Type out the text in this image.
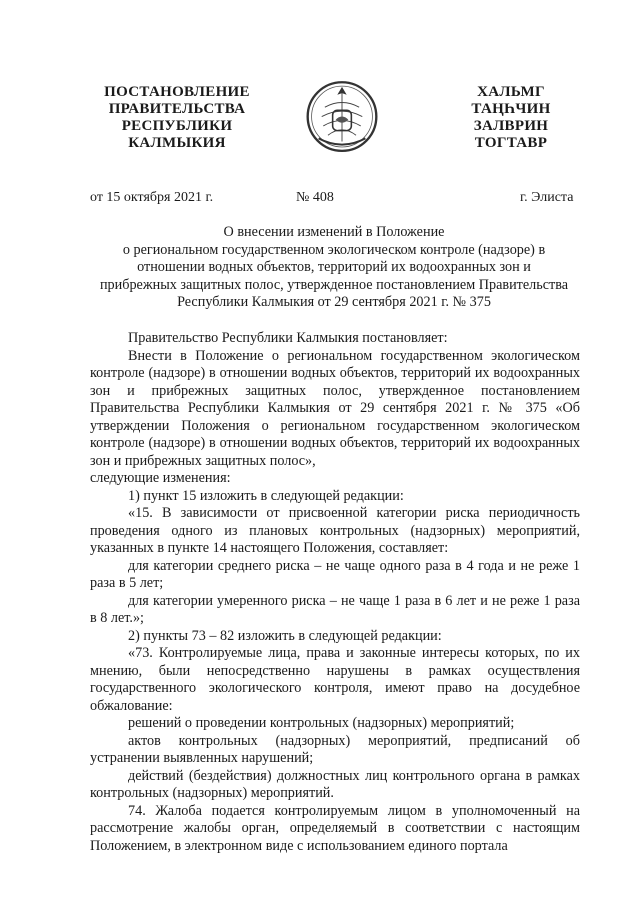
ПОСТАНОВЛЕНИЕ
ПРАВИТЕЛЬСТВА
РЕСПУБЛИКИ
КАЛМЫКИЯ
ХАЛЬМГ
ТАҢҺЧИН
ЗАЛВРИН
ТОГТАВР
от 15 октября 2021 г.	№ 408	г. Элиста
О внесении изменений в Положение
о региональном государственном экологическом контроле (надзоре) в
отношении водных объектов, территорий их водоохранных зон и
прибрежных защитных полос, утвержденное постановлением Правительства
Республики Калмыкия от 29 сентября 2021 г. № 375

Правительство Республики Калмыкия постановляет:

Внести в Положение о региональном государственном экологическом контроле (надзоре) в отношении водных объектов, территорий их водоохранных зон и прибрежных защитных полос, утвержденное постановлением Правительства Республики Калмыкия от 29 сентября 2021 г. № 375 «Об утверждении Положения о региональном государственном экологическом контроле (надзоре) в отношении водных объектов, территорий их водоохранных зон и прибрежных защитных полос»,

следующие изменения:

1) пункт 15 изложить в следующей редакции:

«15. В зависимости от присвоенной категории риска периодичность проведения одного из плановых контрольных (надзорных) мероприятий, указанных в пункте 14 настоящего Положения, составляет:

для категории среднего риска – не чаще одного раза в 4 года и не реже 1 раза в 5 лет;

для категории умеренного риска – не чаще 1 раза в 6 лет и не реже 1 раза в 8 лет.»;

2) пункты 73 – 82 изложить в следующей редакции:

«73. Контролируемые лица, права и законные интересы которых, по их мнению, были непосредственно нарушены в рамках осуществления государственного экологического контроля, имеют право на досудебное обжалование:

решений о проведении контрольных (надзорных) мероприятий;

актов контрольных (надзорных) мероприятий, предписаний об устранении выявленных нарушений;

действий (бездействия) должностных лиц контрольного органа в рамках контрольных (надзорных) мероприятий.

74. Жалоба подается контролируемым лицом в уполномоченный на рассмотрение жалобы орган, определяемый в соответствии с настоящим Положением, в электронном виде с использованием единого портала
